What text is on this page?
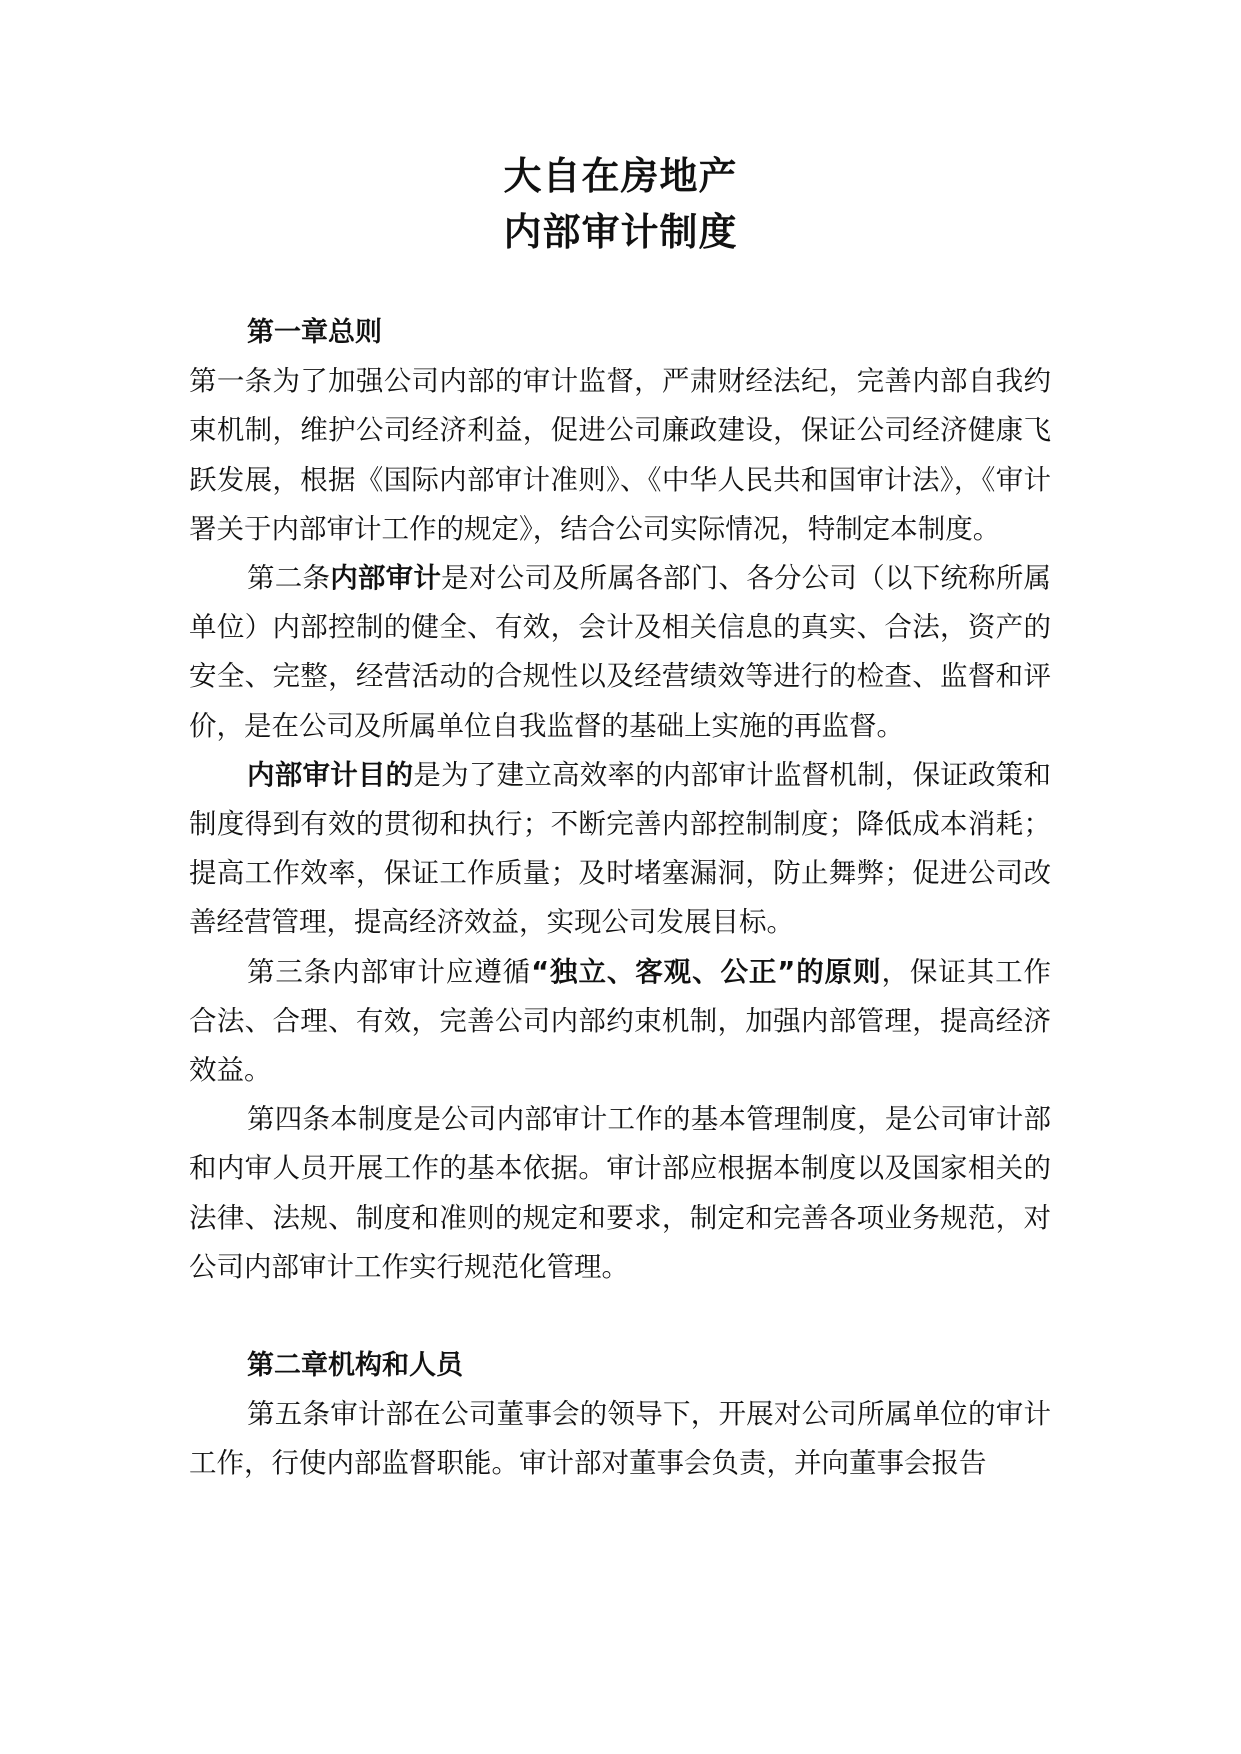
大自在房地产
内部审计制度
第一章总则

第一条为了加强公司内部的审计监督，严肃财经法纪，完善内部自我约束机制，维护公司经济利益，促进公司廉政建设，保证公司经济健康飞跃发展，根据《国际内部审计准则》、《中华人民共和国审计法》，《审计署关于内部审计工作的规定》，结合公司实际情况，特制定本制度。

第二条内部审计是对公司及所属各部门、各分公司（以下统称所属单位）内部控制的健全、有效，会计及相关信息的真实、合法，资产的安全、完整，经营活动的合规性以及经营绩效等进行的检查、监督和评价，是在公司及所属单位自我监督的基础上实施的再监督。

内部审计目的是为了建立高效率的内部审计监督机制，保证政策和制度得到有效的贯彻和执行；不断完善内部控制制度；降低成本消耗；提高工作效率，保证工作质量；及时堵塞漏洞，防止舞弊；促进公司改善经营管理，提高经济效益，实现公司发展目标。

第三条内部审计应遵循“独立、客观、公正”的原则，保证其工作合法、合理、有效，完善公司内部约束机制，加强内部管理，提高经济效益。

第四条本制度是公司内部审计工作的基本管理制度，是公司审计部和内审人员开展工作的基本依据。审计部应根据本制度以及国家相关的法律、法规、制度和准则的规定和要求，制定和完善各项业务规范，对公司内部审计工作实行规范化管理。

第二章机构和人员

第五条审计部在公司董事会的领导下，开展对公司所属单位的审计工作，行使内部监督职能。审计部对董事会负责，并向董事会报告
